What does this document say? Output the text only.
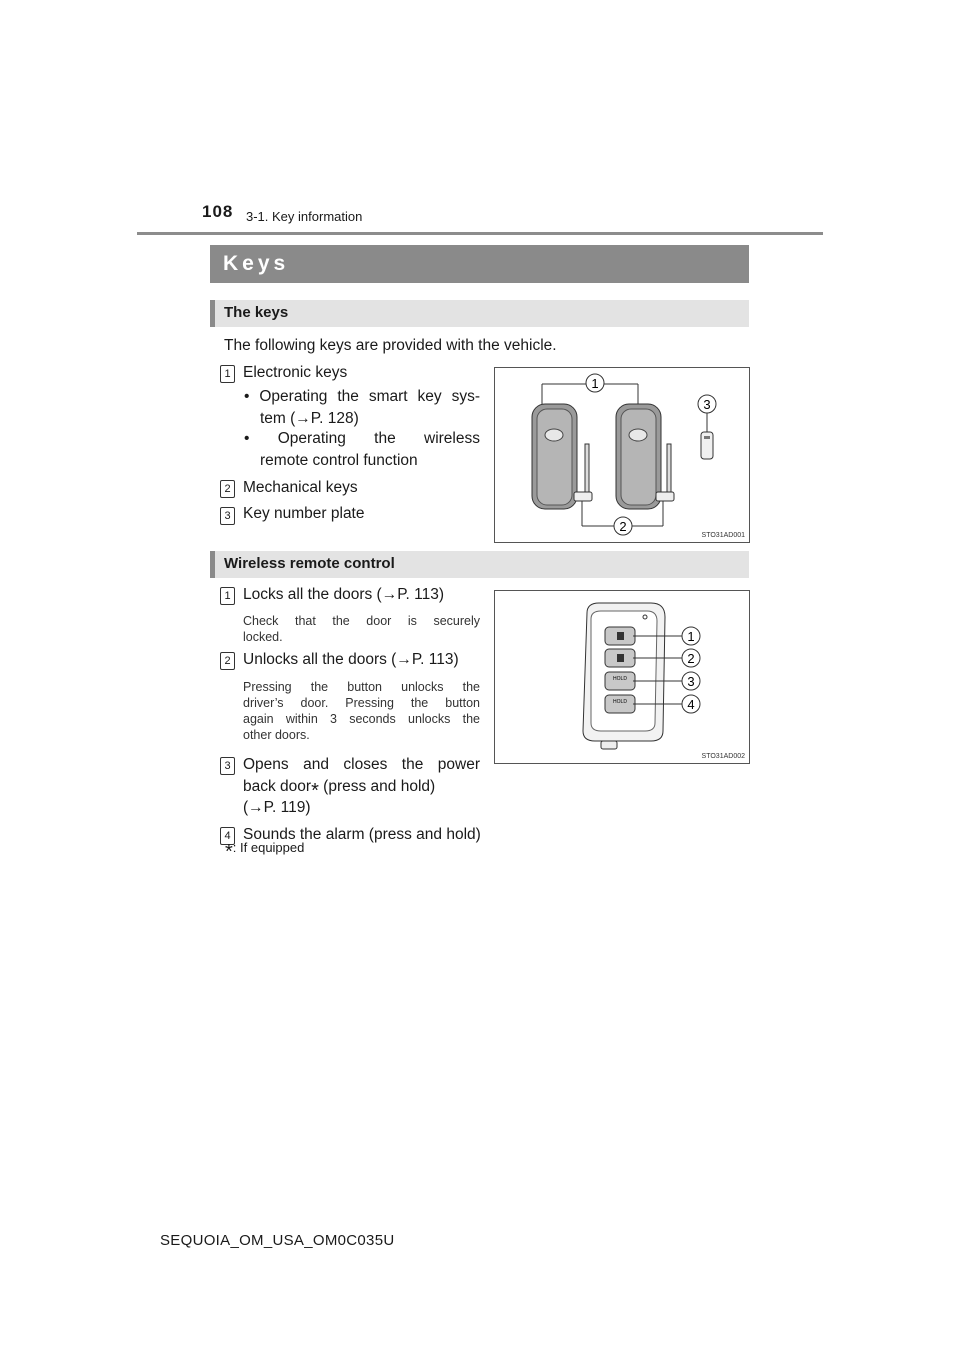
108 3-1. Key information
Keys
The keys
The following keys are provided with the vehicle.
1 Electronic keys
• Operating the smart key sys-
tem (→P. 128)
• Operating the wireless
remote control function
2 Mechanical keys
3 Key number plate
1
2
3
STO31AD001
Wireless remote control
1 Locks all the doors (→P. 113)
Check that the door is securely
locked.
2 Unlocks all the doors (→P. 113)
Pressing the button unlocks the
driver’s door. Pressing the button
again within 3 seconds unlocks the
other doors.
3 Opens and closes the power
back door* (press and hold)
(→P. 119)
4 Sounds the alarm (press and hold)
*: If equipped
HOLD
HOLD
1
2
3
4
STO31AD002
SEQUOIA_OM_USA_OM0C035U
